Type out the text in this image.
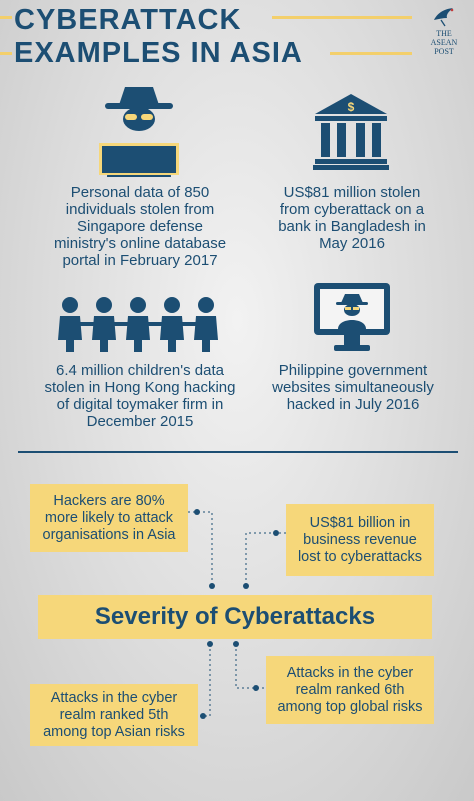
CYBERATTACK
EXAMPLES IN ASIA
THE
ASEAN
POST
$
Personal data of 850 individuals stolen from Singapore defense ministry's online database portal in February 2017
US$81 million stolen from cyberattack on a bank in Bangladesh in May 2016
6.4 million children's data stolen in Hong Kong hacking of digital toymaker firm in December 2015
Philippine government websites simultaneously hacked in July 2016
Hackers are 80% more likely to attack organisations in Asia
US$81 billion in business revenue lost to cyberattacks
Severity of Cyberattacks
Attacks in the cyber realm ranked 6th among top global risks
Attacks in the cyber realm ranked 5th among top Asian risks
